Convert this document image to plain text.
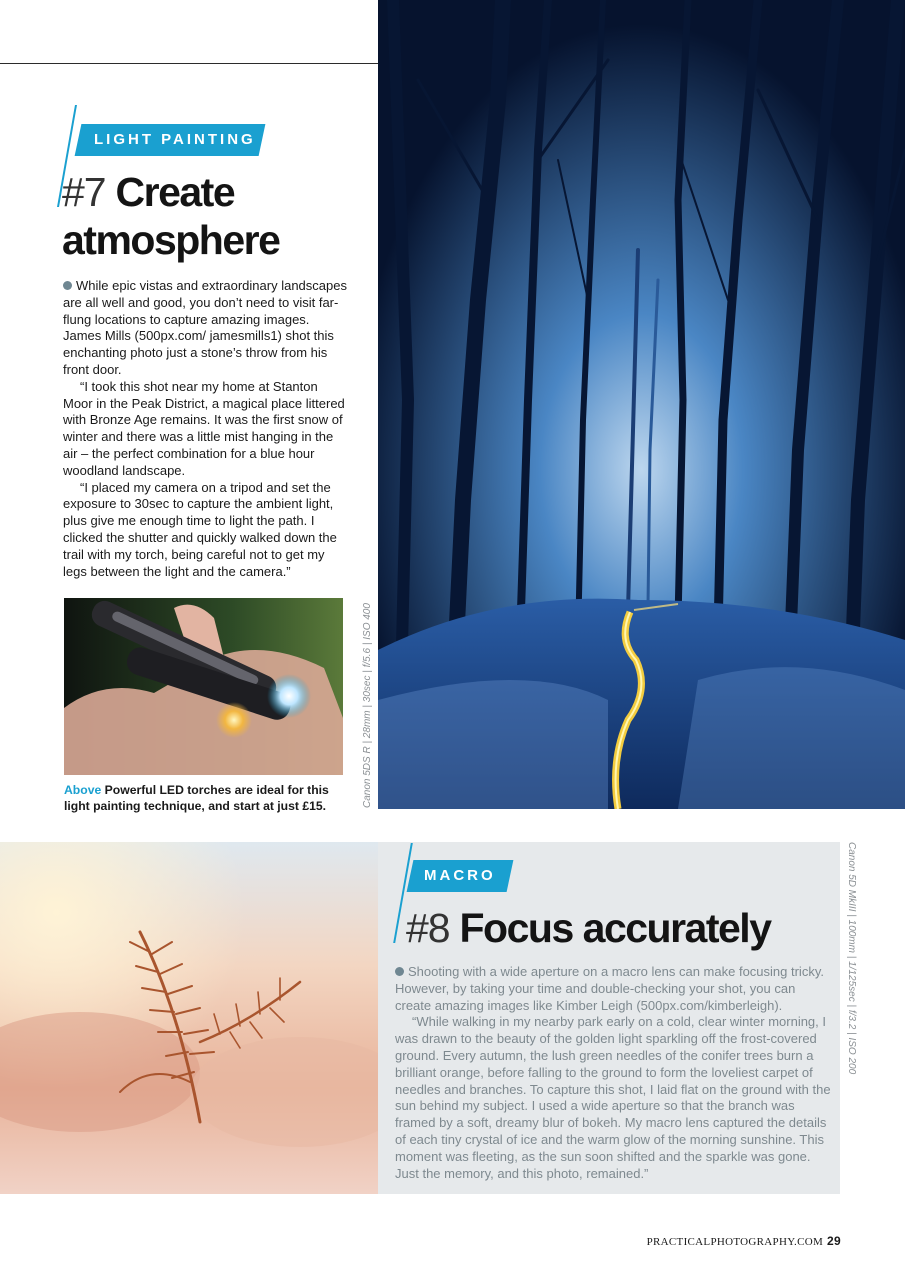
LIGHT PAINTING
#7 Create atmosphere

While epic vistas and extraordinary landscapes are all well and good, you don’t need to visit far-flung locations to capture amazing images. James Mills (500px.com/ jamesmills1) shot this enchanting photo just a stone’s throw from his front door.

“I took this shot near my home at Stanton Moor in the Peak District, a magical place littered with Bronze Age remains. It was the first snow of winter and there was a little mist hanging in the air – the perfect combination for a blue hour woodland landscape.

“I placed my camera on a tripod and set the exposure to 30sec to capture the ambient light, plus give me enough time to light the path. I clicked the shutter and quickly walked down the trail with my torch, being careful not to get my legs between the light and the camera.”

Above Powerful LED torches are ideal for this light painting technique, and start at just £15.	Canon 5DS R | 28mm | 30sec | f/5.6 | ISO 400
MACRO
#8 Focus accurately

Shooting with a wide aperture on a macro lens can make focusing tricky. However, by taking your time and double-checking your shot, you can create amazing images like Kimber Leigh (500px.com/kimberleigh).

“While walking in my nearby park early on a cold, clear winter morning, I was drawn to the beauty of the golden light sparkling off the frost-covered ground. Every autumn, the lush green needles of the conifer trees burn a brilliant orange, before falling to the ground to form the loveliest carpet of needles and branches. To capture this shot, I laid flat on the ground with the sun behind my subject. I used a wide aperture so that the branch was framed by a soft, dreamy blur of bokeh. My macro lens captured the details of each tiny crystal of ice and the warm glow of the morning sunshine. This moment was fleeting, as the sun soon shifted and the sparkle was gone. Just the memory, and this photo, remained.”

Canon 5D MkIII | 100mm | 1/125sec | f/3.2 | ISO 200
PRACTICALPHOTOGRAPHY.COM 29
